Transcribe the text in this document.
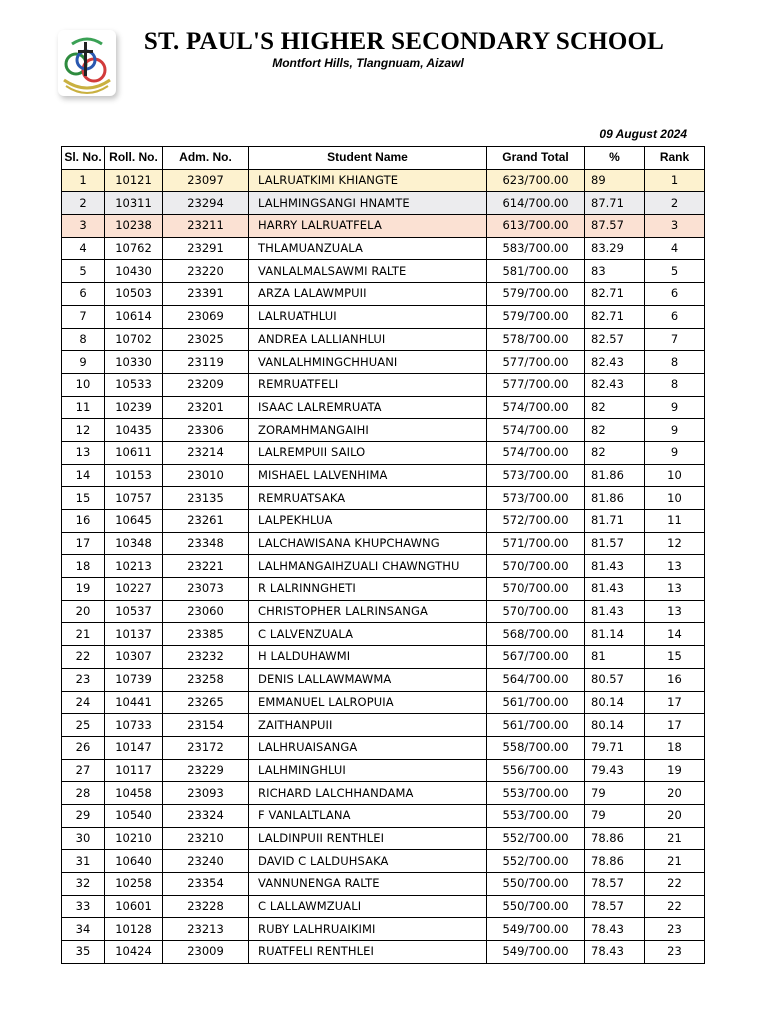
ST. PAUL'S HIGHER SECONDARY SCHOOL
Montfort Hills, Tlangnuam, Aizawl
09 August 2024
Sl. No.	Roll. No.	Adm. No.	Student Name	Grand Total	%	Rank
1	10121	23097	LALRUATKIMI KHIANGTE	623/700.00	89	1
2	10311	23294	LALHMINGSANGI HNAMTE	614/700.00	87.71	2
3	10238	23211	HARRY LALRUATFELA	613/700.00	87.57	3
4	10762	23291	THLAMUANZUALA	583/700.00	83.29	4
5	10430	23220	VANLALMALSAWMI RALTE	581/700.00	83	5
6	10503	23391	ARZA LALAWMPUII	579/700.00	82.71	6
7	10614	23069	LALRUATHLUI	579/700.00	82.71	6
8	10702	23025	ANDREA LALLIANHLUI	578/700.00	82.57	7
9	10330	23119	VANLALHMINGCHHUANI	577/700.00	82.43	8
10	10533	23209	REMRUATFELI	577/700.00	82.43	8
11	10239	23201	ISAAC LALREMRUATA	574/700.00	82	9
12	10435	23306	ZORAMHMANGAIHI	574/700.00	82	9
13	10611	23214	LALREMPUII SAILO	574/700.00	82	9
14	10153	23010	MISHAEL LALVENHIMA	573/700.00	81.86	10
15	10757	23135	REMRUATSAKA	573/700.00	81.86	10
16	10645	23261	LALPEKHLUA	572/700.00	81.71	11
17	10348	23348	LALCHAWISANA KHUPCHAWNG	571/700.00	81.57	12
18	10213	23221	LALHMANGAIHZUALI CHAWNGTHU	570/700.00	81.43	13
19	10227	23073	R LALRINNGHETI	570/700.00	81.43	13
20	10537	23060	CHRISTOPHER LALRINSANGA	570/700.00	81.43	13
21	10137	23385	C LALVENZUALA	568/700.00	81.14	14
22	10307	23232	H LALDUHAWMI	567/700.00	81	15
23	10739	23258	DENIS LALLAWMAWMA	564/700.00	80.57	16
24	10441	23265	EMMANUEL LALROPUIA	561/700.00	80.14	17
25	10733	23154	ZAITHANPUII	561/700.00	80.14	17
26	10147	23172	LALHRUAISANGA	558/700.00	79.71	18
27	10117	23229	LALHMINGHLUI	556/700.00	79.43	19
28	10458	23093	RICHARD LALCHHANDAMA	553/700.00	79	20
29	10540	23324	F VANLALTLANA	553/700.00	79	20
30	10210	23210	LALDINPUII RENTHLEI	552/700.00	78.86	21
31	10640	23240	DAVID C LALDUHSAKA	552/700.00	78.86	21
32	10258	23354	VANNUNENGA RALTE	550/700.00	78.57	22
33	10601	23228	C LALLAWMZUALI	550/700.00	78.57	22
34	10128	23213	RUBY LALHRUAIKIMI	549/700.00	78.43	23
35	10424	23009	RUATFELI RENTHLEI	549/700.00	78.43	23
